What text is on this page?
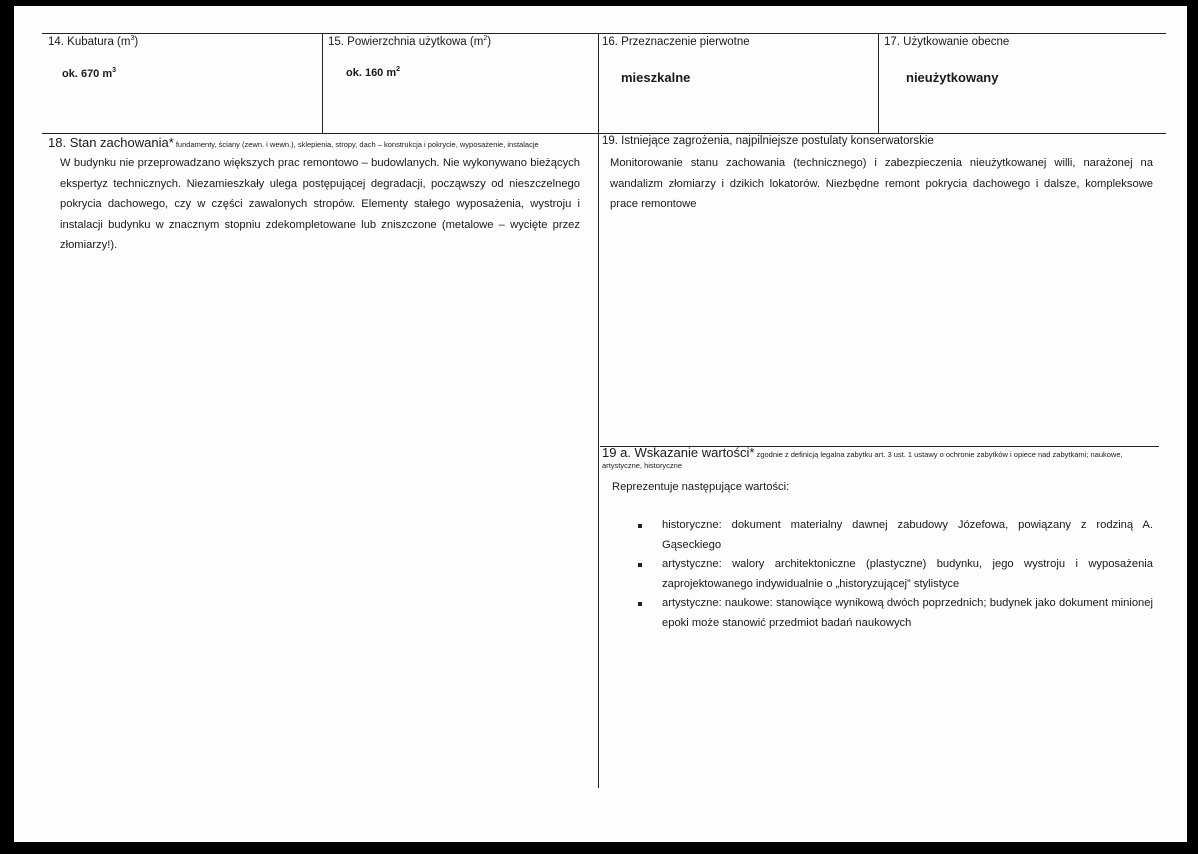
14. Kubatura $(m^3)$
ok. 670 $m^3$
15. Powierzchnia użytkowa $(m^2)$
ok. 160 $m^2$
16. Przeznaczenie pierwotne
mieszkalne
17. Użytkowanie obecne
nieużytkowany
18. Stan zachowania* fundamenty, ściany (zewn. i wewn.), sklepienia, stropy, dach – konstrukcja i pokrycie, wyposażenie, instalacje
W budynku nie przeprowadzano większych prac remontowo – budowlanych. Nie wykonywano bieżących ekspertyz technicznych. Niezamieszkały ulega postępującej degradacji, począwszy od nieszczelnego pokrycia dachowego, czy w części zawalonych stropów. Elementy stałego wyposażenia, wystroju i instalacji budynku w znacznym stopniu zdekompletowane lub zniszczone (metalowe – wycięte przez złomiarzy!).
19. Istniejące zagrożenia, najpilniejsze postulaty konserwatorskie
Monitorowanie stanu zachowania (technicznego) i zabezpieczenia nieużytkowanej willi, narażonej na wandalizm złomiarzy i dzikich lokatorów. Niezbędne remont pokrycia dachowego i dalsze, kompleksowe prace remontowe
19 a. Wskazanie wartości* zgodnie z definicją legalna zabytku art. 3 ust. 1 ustawy o ochronie zabytków i opiece nad zabytkami; naukowe, artystyczne, historyczne
Reprezentuje następujące wartości:
historyczne: dokument materialny dawnej zabudowy Józefowa, powiązany z rodziną A. Gąseckiego
artystyczne: walory architektoniczne (plastyczne) budynku, jego wystroju i wyposażenia zaprojektowanego indywidualnie o „historyzującej” stylistyce
artystyczne: naukowe: stanowiące wynikową dwóch poprzednich; budynek jako dokument minionej epoki może stanowić przedmiot badań naukowych
